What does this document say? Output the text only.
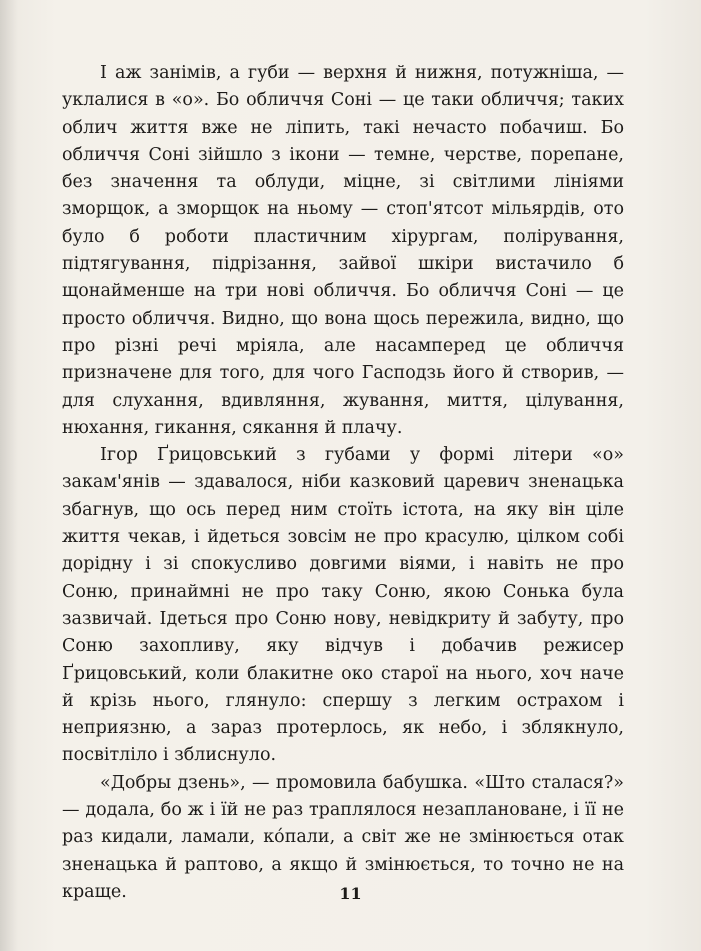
І аж занімів, а губи — верхня й нижня, потужніша, — уклалися в «о». Бо обличчя Соні — це таки обличчя; таких облич життя вже не ліпить, такі нечасто побачиш. Бо обличчя Соні зійшло з ікони — темне, черстве, порепане, без значення та облуди, міцне, зі світлими лініями зморщок, а зморщок на ньому — стоп'ятсот мільярдів, ото було б роботи пластичним хірургам, полірування, підтягування, підрізання, зайвої шкіри вистачило б щонайменше на три нові обличчя. Бо обличчя Соні — це просто обличчя. Видно, що вона щось пережила, видно, що про різні речі мріяла, але насамперед це обличчя призначене для того, для чого Гасподзь його й створив, — для слухання, вдивляння, жування, миття, цілування, нюхання, гикання, сякання й плачу.

Ігор Ґрицовський з губами у формі літери «о» закам'янів — здавалося, ніби казковий царевич зненацька збагнув, що ось перед ним стоїть істота, на яку він ціле життя чекав, і йдеться зовсім не про красулю, цілком собі дорідну і зі спокусливо довгими віями, і навіть не про Соню, принаймні не про таку Соню, якою Сонька була зазвичай. Ідеться про Соню нову, невідкриту й забуту, про Соню захопливу, яку відчув і добачив режисер Ґрицовський, коли блакитне око старої на нього, хоч наче й крізь нього, глянуло: спершу з легким острахом і неприязню, а зараз протерлось, як небо, і зблякнуло, посвітліло і зблиснуло.

«Добры дзень», — промовила бабушка. «Што сталася?» — додала, бо ж і їй не раз траплялося незаплановане, і її не раз кидали, ламали, кóпали, а світ же не змінюється отак зненацька й раптово, а якщо й змінюється, то точно не на краще.	11
